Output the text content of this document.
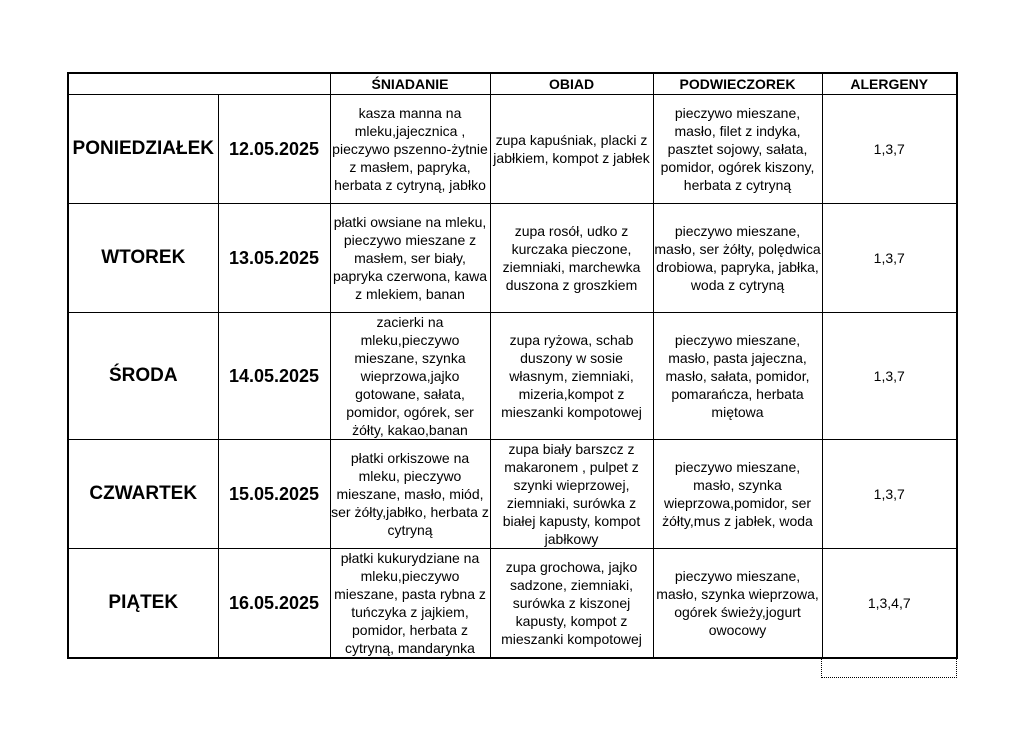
		ŚNIADANIE	OBIAD	PODWIECZOREK	ALERGENY
PONIEDZIAŁEK	12.05.2025	kasza manna na mleku,jajecznica , pieczywo pszenno-żytnie z masłem, papryka, herbata z cytryną, jabłko	zupa kapuśniak, placki z jabłkiem, kompot z jabłek	pieczywo mieszane, masło, filet z indyka, pasztet sojowy, sałata, pomidor, ogórek kiszony, herbata z cytryną	1,3,7
WTOREK	13.05.2025	płatki owsiane na mleku, pieczywo mieszane z masłem, ser biały, papryka czerwona, kawa z mlekiem, banan	zupa rosół, udko z kurczaka pieczone, ziemniaki, marchewka duszona z groszkiem	pieczywo mieszane, masło, ser żółty, polędwica drobiowa, papryka, jabłka, woda z cytryną	1,3,7
ŚRODA	14.05.2025	zacierki na mleku,pieczywo mieszane, szynka wieprzowa,jajko gotowane, sałata, pomidor, ogórek, ser żółty, kakao,banan	zupa ryżowa, schab duszony w sosie własnym, ziemniaki, mizeria,kompot z mieszanki kompotowej	pieczywo mieszane, masło, pasta jajeczna, masło, sałata, pomidor, pomarańcza, herbata miętowa	1,3,7
CZWARTEK	15.05.2025	płatki orkiszowe na mleku, pieczywo mieszane, masło, miód, ser żółty,jabłko, herbata z cytryną	zupa biały barszcz z makaronem , pulpet z szynki wieprzowej, ziemniaki, surówka z białej kapusty, kompot jabłkowy	pieczywo mieszane, masło, szynka wieprzowa,pomidor, ser żółty,mus z jabłek, woda	1,3,7
PIĄTEK	16.05.2025	płatki kukurydziane na mleku,pieczywo mieszane, pasta rybna z tuńczyka z jajkiem, pomidor, herbata z cytryną, mandarynka	zupa grochowa, jajko sadzone, ziemniaki, surówka z kiszonej kapusty, kompot z mieszanki kompotowej	pieczywo mieszane, masło, szynka wieprzowa, ogórek świeży,jogurt owocowy	1,3,4,7
